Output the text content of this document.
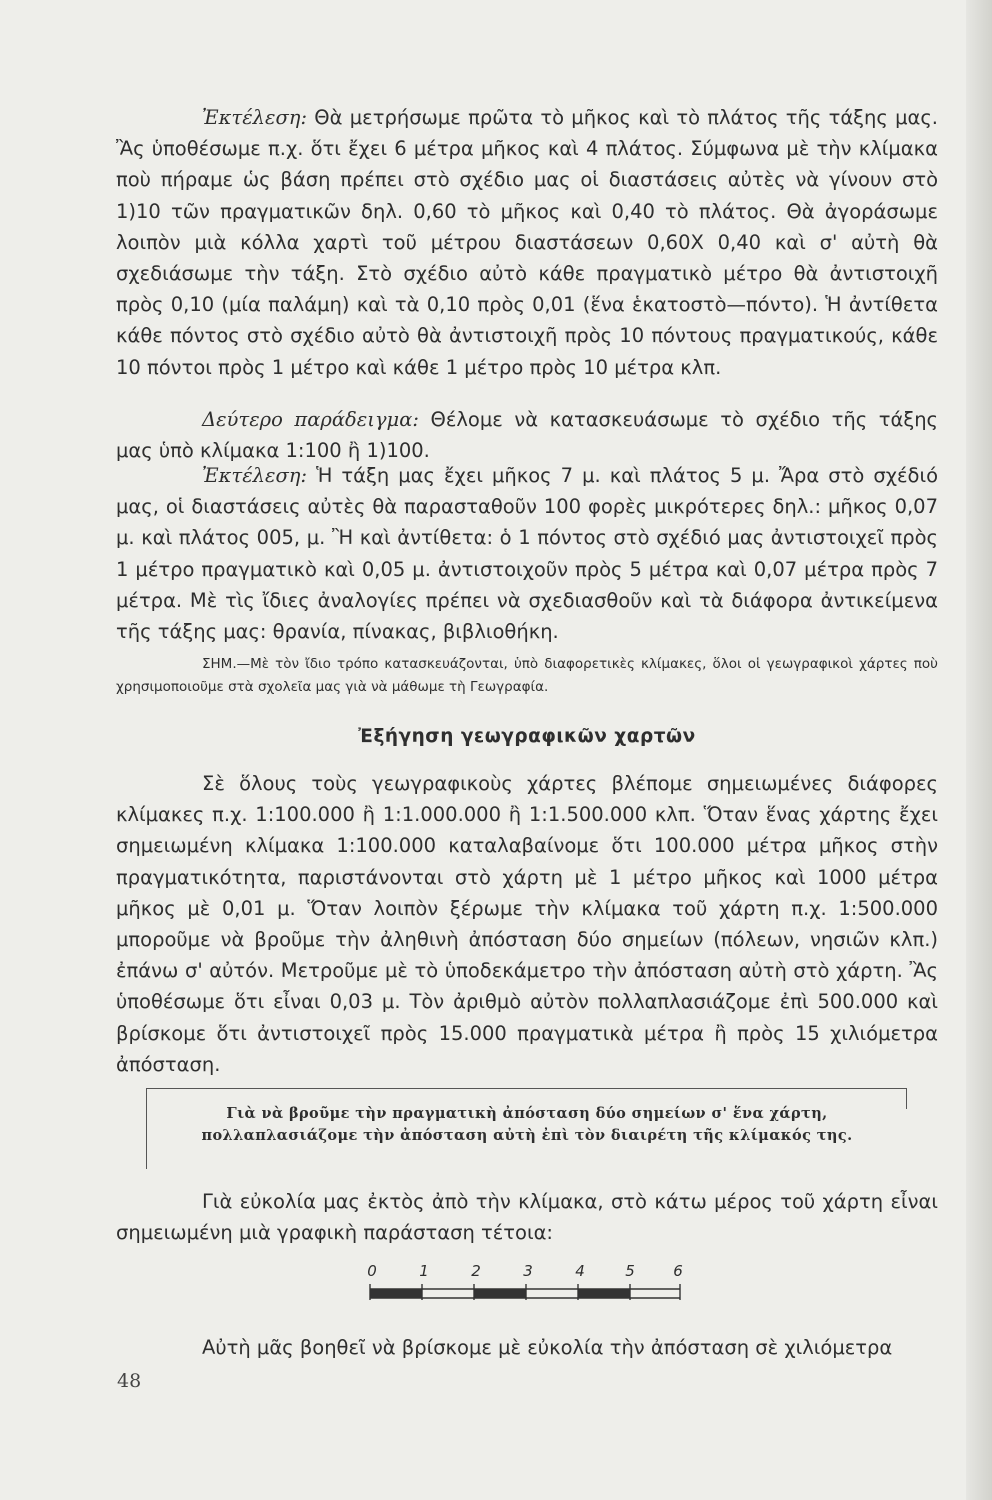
Ἐκτέλεση: Θὰ μετρήσωμε πρῶτα τὸ μῆκος καὶ τὸ πλάτος τῆς τάξης μας. Ἂς ὑποθέσωμε π.χ. ὅτι ἔχει 6 μέτρα μῆκος καὶ 4 πλάτος. Σύμφωνα μὲ τὴν κλίμακα ποὺ πήραμε ὡς βάση πρέπει στὸ σχέδιο μας οἱ διαστάσεις αὐτὲς νὰ γίνουν στὸ 1)10 τῶν πραγματικῶν δηλ. 0,60 τὸ μῆκος καὶ 0,40 τὸ πλάτος. Θὰ ἀγοράσωμε λοιπὸν μιὰ κόλλα χαρτὶ τοῦ μέτρου διαστάσεων 0,60Χ 0,40 καὶ σ' αὐτὴ θὰ σχεδιάσωμε τὴν τάξη. Στὸ σχέδιο αὐτὸ κάθε πραγματικὸ μέτρο θὰ ἀντιστοιχῆ πρὸς 0,10 (μία παλάμη) καὶ τὰ 0,10 πρὸς 0,01 (ἕνα ἑκατοστὸ—πόντο). Ἡ ἀντίθετα κάθε πόντος στὸ σχέδιο αὐτὸ θὰ ἀντιστοιχῆ πρὸς 10 πόντους πραγματικούς, κάθε 10 πόντοι πρὸς 1 μέτρο καὶ κάθε 1 μέτρο πρὸς 10 μέτρα κλπ.

Δεύτερο παράδειγμα: Θέλομε νὰ κατασκευάσωμε τὸ σχέδιο τῆς τάξης μας ὑπὸ κλίμακα 1:100 ἢ 1)100.

Ἐκτέλεση: Ἡ τάξη μας ἔχει μῆκος 7 μ. καὶ πλάτος 5 μ. Ἄρα στὸ σχέδιό μας, οἱ διαστάσεις αὐτὲς θὰ παρασταθοῦν 100 φορὲς μικρότερες δηλ.: μῆκος 0,07 μ. καὶ πλάτος 005, μ. Ἢ καὶ ἀντίθετα: ὁ 1 πόντος στὸ σχέδιό μας ἀντιστοιχεῖ πρὸς 1 μέτρο πραγματικὸ καὶ 0,05 μ. ἀντιστοιχοῦν πρὸς 5 μέτρα καὶ 0,07 μέτρα πρὸς 7 μέτρα. Μὲ τὶς ἴδιες ἀναλογίες πρέπει νὰ σχεδιασθοῦν καὶ τὰ διάφορα ἀντικείμενα τῆς τάξης μας: θρανία, πίνακας, βιβλιοθήκη.

ΣΗΜ.—Μὲ τὸν ἴδιο τρόπο κατασκευάζονται, ὑπὸ διαφορετικὲς κλίμακες, ὅλοι οἱ γεωγραφικοὶ χάρτες ποὺ χρησιμοποιοῦμε στὰ σχολεῖα μας γιὰ νὰ μάθωμε τὴ Γεωγραφία.

Ἐξήγηση γεωγραφικῶν χαρτῶν

Σὲ ὅλους τοὺς γεωγραφικοὺς χάρτες βλέπομε σημειωμένες διάφορες κλίμακες π.χ. 1:100.000 ἢ 1:1.000.000 ἢ 1:1.500.000 κλπ. Ὅταν ἕνας χάρτης ἔχει σημειωμένη κλίμακα 1:100.000 καταλαβαίνομε ὅτι 100.000 μέτρα μῆκος στὴν πραγματικότητα, παριστάνονται στὸ χάρτη μὲ 1 μέτρο μῆκος καὶ 1000 μέτρα μῆκος μὲ 0,01 μ. Ὅταν λοιπὸν ξέρωμε τὴν κλίμακα τοῦ χάρτη π.χ. 1:500.000 μποροῦμε νὰ βροῦμε τὴν ἀληθινὴ ἀπόσταση δύο σημείων (πόλεων, νησιῶν κλπ.) ἐπάνω σ' αὐτόν. Μετροῦμε μὲ τὸ ὑποδεκάμετρο τὴν ἀπόσταση αὐτὴ στὸ χάρτη. Ἂς ὑποθέσωμε ὅτι εἶναι 0,03 μ. Τὸν ἀριθμὸ αὐτὸν πολλαπλασιάζομε ἐπὶ 500.000 καὶ βρίσκομε ὅτι ἀντιστοιχεῖ πρὸς 15.000 πραγματικὰ μέτρα ἢ πρὸς 15 χιλιόμετρα ἀπόσταση.

Γιὰ νὰ βροῦμε τὴν πραγματικὴ ἀπόσταση δύο σημείων σ' ἕνα χάρτη,
πολλαπλασιάζομε τὴν ἀπόσταση αὐτὴ ἐπὶ τὸν διαιρέτη τῆς κλίμακός της.

Γιὰ εὐκολία μας ἐκτὸς ἀπὸ τὴν κλίμακα, στὸ κάτω μέρος τοῦ χάρτη εἶναι σημειωμένη μιὰ γραφικὴ παράσταση τέτοια:

0	1	2	3	4	5	6

Αὐτὴ μᾶς βοηθεῖ νὰ βρίσκομε μὲ εὐκολία τὴν ἀπόσταση σὲ χιλιόμετρα

48
